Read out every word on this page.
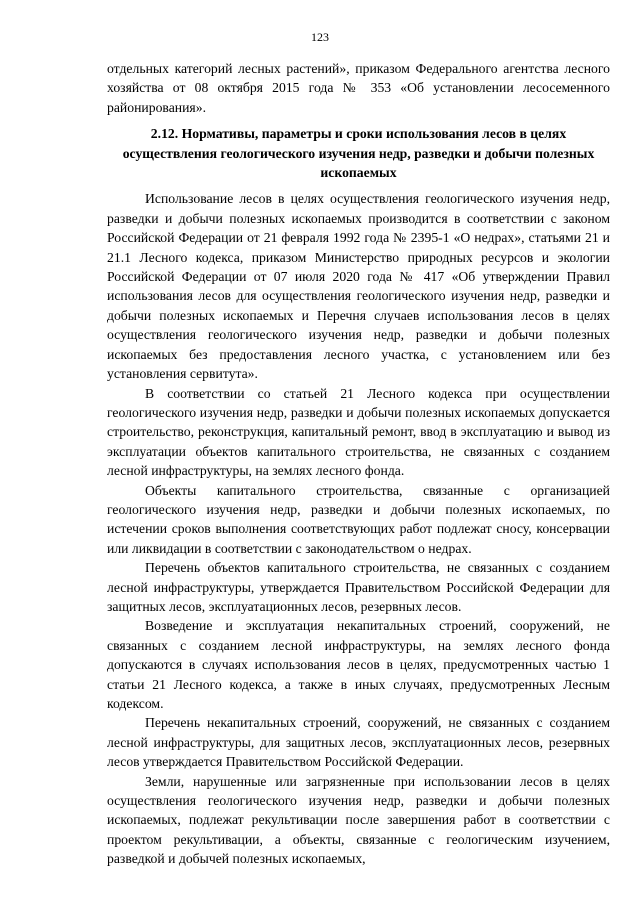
123

отдельных категорий лесных растений», приказом Федерального агентства лесного хозяйства от 08 октября 2015 года № 353 «Об установлении лесосеменного районирования».

2.12. Нормативы, параметры и сроки использования лесов в целях осуществления геологического изучения недр, разведки и добычи полезных ископаемых

Использование лесов в целях осуществления геологического изучения недр, разведки и добычи полезных ископаемых производится в соответствии с законом Российской Федерации от 21 февраля 1992 года № 2395-1 «О недрах», статьями 21 и 21.1 Лесного кодекса, приказом Министерство природных ресурсов и экологии Российской Федерации от 07 июля 2020 года № 417 «Об утверждении Правил использования лесов для осуществления геологического изучения недр, разведки и добычи полезных ископаемых и Перечня случаев использования лесов в целях осуществления геологического изучения недр, разведки и добычи полезных ископаемых без предоставления лесного участка, с установлением или без установления сервитута».

В соответствии со статьей 21 Лесного кодекса при осуществлении геологического изучения недр, разведки и добычи полезных ископаемых допускается строительство, реконструкция, капитальный ремонт, ввод в эксплуатацию и вывод из эксплуатации объектов капитального строительства, не связанных с созданием лесной инфраструктуры, на землях лесного фонда.

Объекты капитального строительства, связанные с организацией геологического изучения недр, разведки и добычи полезных ископаемых, по истечении сроков выполнения соответствующих работ подлежат сносу, консервации или ликвидации в соответствии с законодательством о недрах.

Перечень объектов капитального строительства, не связанных с созданием лесной инфраструктуры, утверждается Правительством Российской Федерации для защитных лесов, эксплуатационных лесов, резервных лесов.

Возведение и эксплуатация некапитальных строений, сооружений, не связанных с созданием лесной инфраструктуры, на землях лесного фонда допускаются в случаях использования лесов в целях, предусмотренных частью 1 статьи 21 Лесного кодекса, а также в иных случаях, предусмотренных Лесным кодексом.

Перечень некапитальных строений, сооружений, не связанных с созданием лесной инфраструктуры, для защитных лесов, эксплуатационных лесов, резервных лесов утверждается Правительством Российской Федерации.

Земли, нарушенные или загрязненные при использовании лесов в целях осуществления геологического изучения недр, разведки и добычи полезных ископаемых, подлежат рекультивации после завершения работ в соответствии с проектом рекультивации, а объекты, связанные с геологическим изучением, разведкой и добычей полезных ископаемых,
